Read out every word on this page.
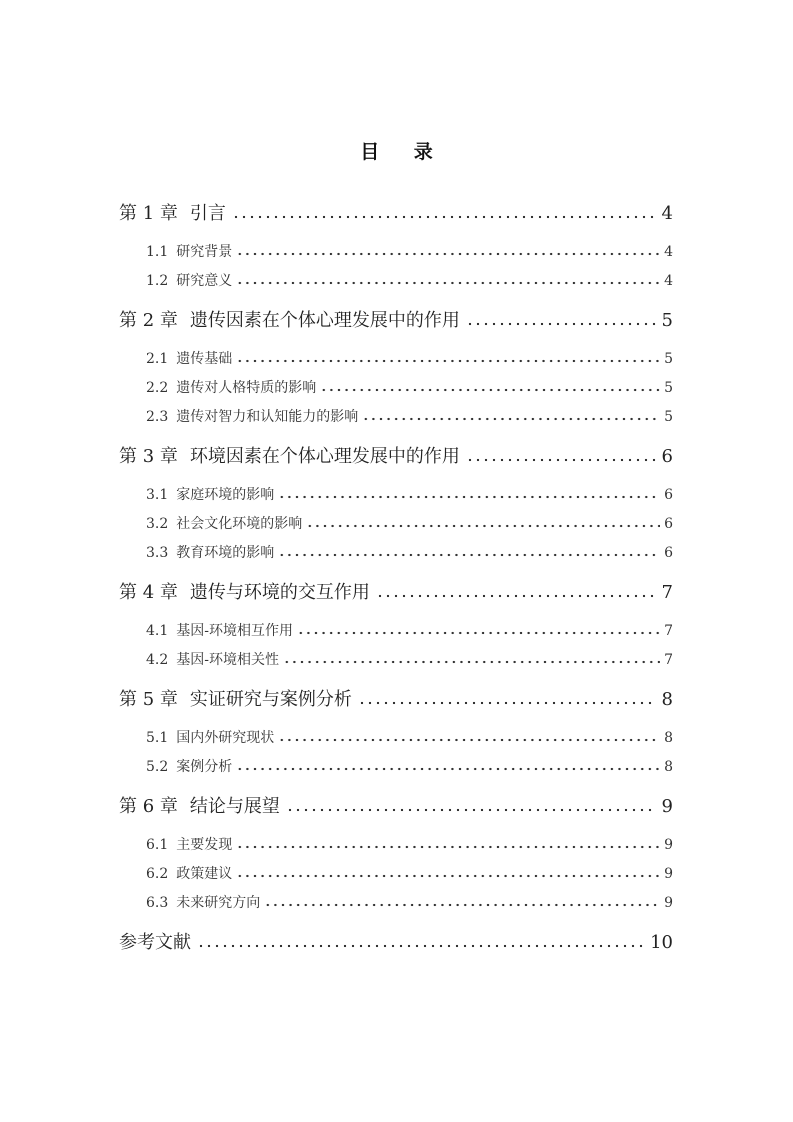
目 录
第 1 章 引言	4
1.1 研究背景	4
1.2 研究意义	4
第 2 章 遗传因素在个体心理发展中的作用	5
2.1 遗传基础	5
2.2 遗传对人格特质的影响	5
2.3 遗传对智力和认知能力的影响	5
第 3 章 环境因素在个体心理发展中的作用	6
3.1 家庭环境的影响	6
3.2 社会文化环境的影响	6
3.3 教育环境的影响	6
第 4 章 遗传与环境的交互作用	7
4.1 基因-环境相互作用	7
4.2 基因-环境相关性	7
第 5 章 实证研究与案例分析	8
5.1 国内外研究现状	8
5.2 案例分析	8
第 6 章 结论与展望	9
6.1 主要发现	9
6.2 政策建议	9
6.3 未来研究方向	9
参考文献	10
